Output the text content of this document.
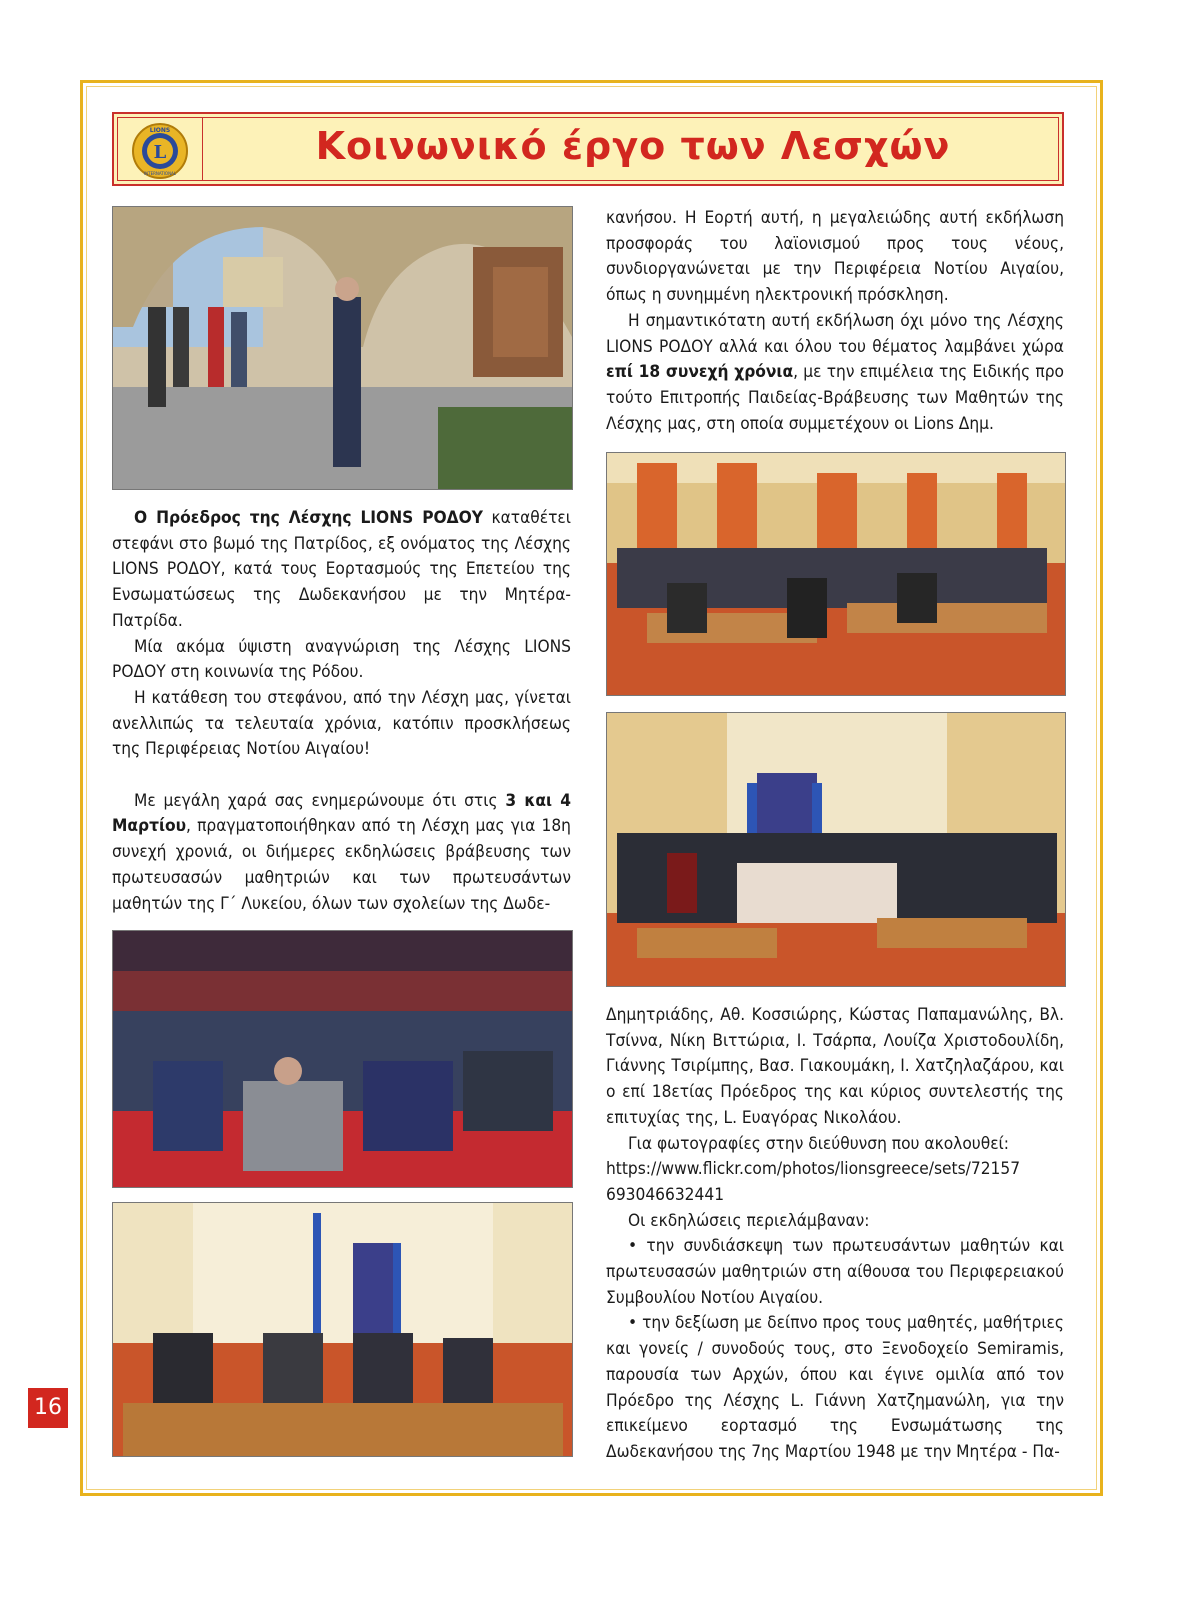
L
LIONS
INTERNATIONAL
Κοινωνικό έργο των Λεσχών

κανήσου. Η Εορτή αυτή, η μεγαλειώδης αυτή εκδήλωση προσφοράς του λαϊονισμού προς τους νέους, συνδιοργανώνεται με την Περιφέρεια Νοτίου Αιγαίου, όπως η συνημμένη ηλεκτρονική πρόσκληση.

Η σημαντικότατη αυτή εκδήλωση όχι μόνο της Λέσχης LIONS ΡΟΔΟΥ αλλά και όλου του θέματος λαμβάνει χώρα επί 18 συνεχή χρόνια, με την επιμέλεια της Ειδικής προ τούτο Επιτροπής Παιδείας-Βράβευσης των Μαθητών της Λέσχης μας, στη οποία συμμετέχουν οι Lions Δημ.

Ο Πρόεδρος της Λέσχης LIONS ΡΟΔΟΥ καταθέτει στεφάνι στο βωμό της Πατρίδος, εξ ονόματος της Λέσχης LIONS ΡΟΔΟΥ, κατά τους Εορτασμούς της Επετείου της Ενσωματώσεως της Δωδεκανήσου με την Μητέρα-Πατρίδα.

Μία ακόμα ύψιστη αναγνώριση της Λέσχης LIONS ΡΟΔΟΥ στη κοινωνία της Ρόδου.

Η κατάθεση του στεφάνου, από την Λέσχη μας, γίνεται ανελλιπώς τα τελευταία χρόνια, κατόπιν προσκλήσεως της Περιφέρειας Νοτίου Αιγαίου!

Με μεγάλη χαρά σας ενημερώνουμε ότι στις 3 και 4 Μαρτίου, πραγματοποιήθηκαν από τη Λέσχη μας για 18η συνεχή χρονιά, οι διήμερες εκδηλώσεις βράβευσης των πρωτευσασών μαθητριών και των πρωτευσάντων μαθητών της Γ΄ Λυκείου, όλων των σχολείων της Δωδε-

Δημητριάδης, Αθ. Κοσσιώρης, Κώστας Παπαμανώλης, Βλ. Τσίννα, Νίκη Βιττώρια, Ι. Τσάρπα, Λουίζα Χριστοδουλίδη, Γιάννης Τσιρίμπης, Βασ. Γιακουμάκη, Ι. Χατζηλαζάρου, και ο επί 18ετίας Πρόεδρος της και κύριος συντελεστής της επιτυχίας της, L. Ευαγόρας Νικολάου.

Για φωτογραφίες στην διεύθυνση που ακολουθεί:

https://www.flickr.com/photos/lionsgreece/sets/72157
693046632441

Οι εκδηλώσεις περιελάμβαναν:

• την συνδιάσκεψη των πρωτευσάντων μαθητών και πρωτευσασών μαθητριών στη αίθουσα του Περιφερειακού Συμβουλίου Νοτίου Αιγαίου.

• την δεξίωση με δείπνο προς τους μαθητές, μαθήτριες και γονείς / συνοδούς τους, στο Ξενοδοχείο Semiramis, παρουσία των Αρχών, όπου και έγινε ομιλία από τον Πρόεδρο της Λέσχης L. Γιάννη Χατζημανώλη, για την επικείμενο εορτασμό της Ενσωμάτωσης της Δωδεκανήσου της 7ης Μαρτίου 1948 με την Μητέρα - Πα-

16
